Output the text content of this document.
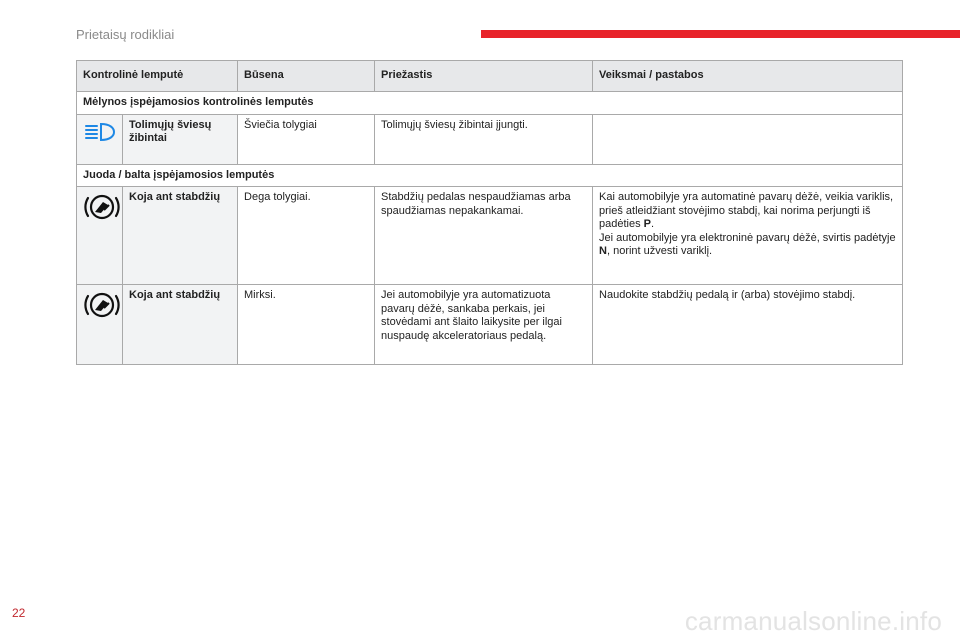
Prietaisų rodikliai
Kontrolinė lemputė		Būsena	Priežastis	Veiksmai / pastabos
Mėlynos įspėjamosios kontrolinės lemputės				

	Tolimųjų šviesų žibintai	Šviečia tolygiai	Tolimųjų šviesų žibintai įjungti.	
Juoda / balta įspėjamosios lemputės				

	Koja ant stabdžių	Dega tolygiai.	Stabdžių pedalas nespaudžiamas arba spaudžiamas nepakankamai.	Kai automobilyje yra automatinė pavarų dėžė, veikia variklis, prieš atleidžiant stovėjimo stabdį, kai norima perjungti iš padėties P.
Jei automobilyje yra elektroninė pavarų dėžė, svirtis padėtyje N, norint užvesti variklį.

	Koja ant stabdžių	Mirksi.	Jei automobilyje yra automatizuota pavarų dėžė, sankaba perkais, jei stovėdami ant šlaito laikysite per ilgai nuspaudę akceleratoriaus pedalą.	Naudokite stabdžių pedalą ir (arba) stovėjimo stabdį.
22	carmanualsonline.info
